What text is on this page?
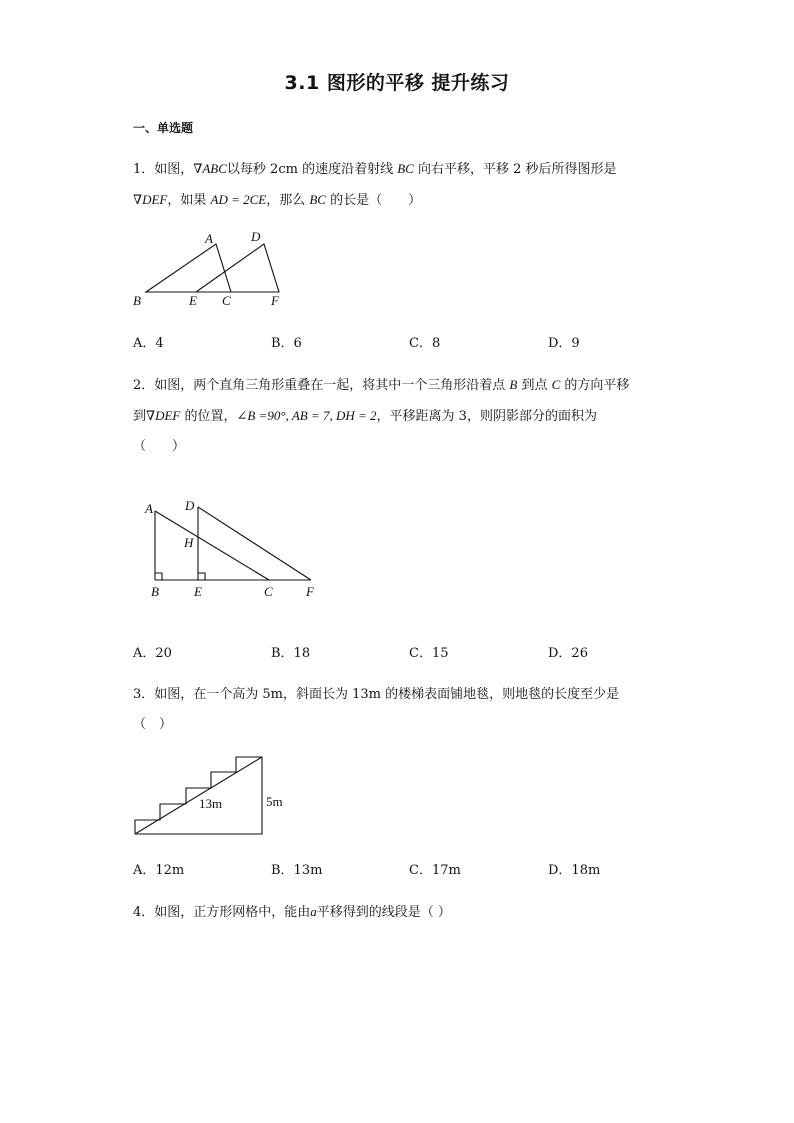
3.1 图形的平移 提升练习
一、单选题
1．如图，∇ABC以每秒 2cm 的速度沿着射线 BC 向右平移，平移 2 秒后所得图形是
∇DEF，如果 AD = 2CE，那么 BC 的长是（　　）
A	D
B	E C	F
A．4	B．6	C．8	D．9
2．如图，两个直角三角形重叠在一起，将其中一个三角形沿着点 B 到点 C 的方向平移
到∇DEF 的位置，∠B =90°, AB = 7, DH = 2，平移距离为 3，则阴影部分的面积为
（　　）
A D
H
B	E	C	F
A．20	B．18	C．15	D．26
3．如图，在一个高为 5m，斜面长为 13m 的楼梯表面铺地毯，则地毯的长度至少是
（　）
13m	5m
A．12m	B．13m	C．17m	D．18m
4．如图，正方形网格中，能由a平移得到的线段是（ ）
